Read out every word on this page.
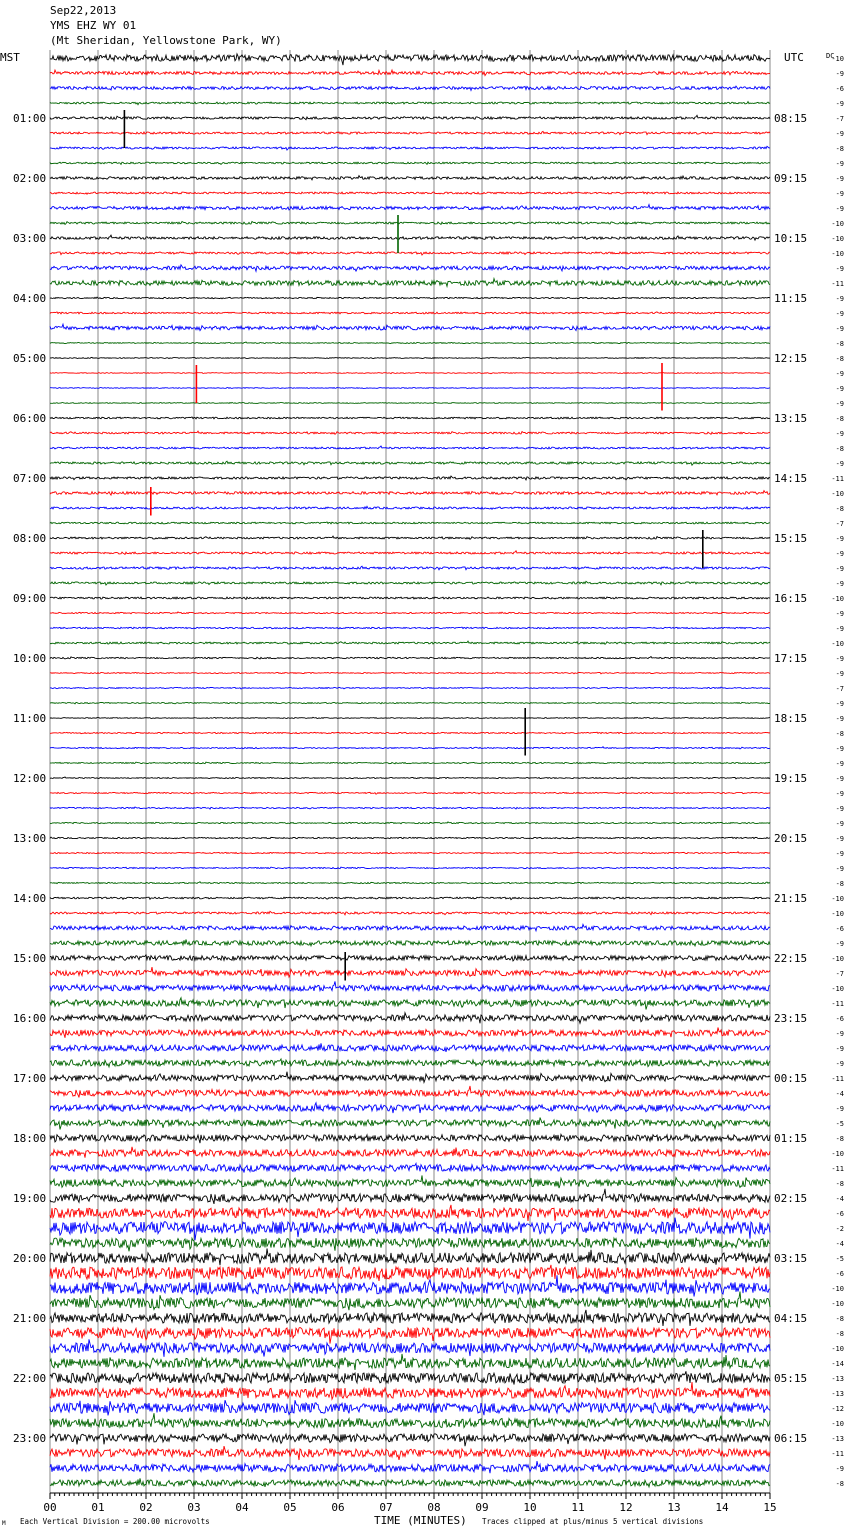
Sep22,2013
YMS EHZ WY 01
(Mt Sheridan, Yellowstone Park, WY)
MST	UTC	DC
01:00
02:00
03:00
04:00
05:00
06:00
07:00
08:00
09:00
10:00
11:00
12:00
13:00
14:00
15:00
16:00
17:00
18:00
19:00
20:00
21:00
22:00
23:00
08:15
09:15
10:15
11:15
12:15
13:15
14:15
15:15
16:15
17:15
18:15
19:15
20:15
21:15
22:15
23:15
00:15
01:15
02:15
03:15
04:15
05:15
06:15
-10
-9
-6
-9
-7
-9
-8
-9
-9
-9
-9
-10
-10
-10
-9
-11
-9
-9
-9
-8
-8
-9
-9
-9
-8
-9
-8
-9
-11
-10
-8
-7
-9
-9
-9
-9
-10
-9
-9
-10
-9
-9
-7
-9
-9
-8
-9
-9
-9
-9
-9
-9
-9
-9
-9
-8
-10
-10
-6
-9
-10
-7
-10
-11
-6
-9
-9
-9
-11
-4
-9
-5
-8
-10
-11
-8
-4
-6
-2
-4
-5
-6
-10
-10
-8
-8
-10
-14
-13
-13
-12
-10
-13
-11
-9
-8
00	01	02	03	04	05	06	07	08	09	10	11	12	13	14	15
M Each Vertical Division = 200.00 microvolts	TIME (MINUTES) Traces clipped at plus/minus 5 vertical divisions
